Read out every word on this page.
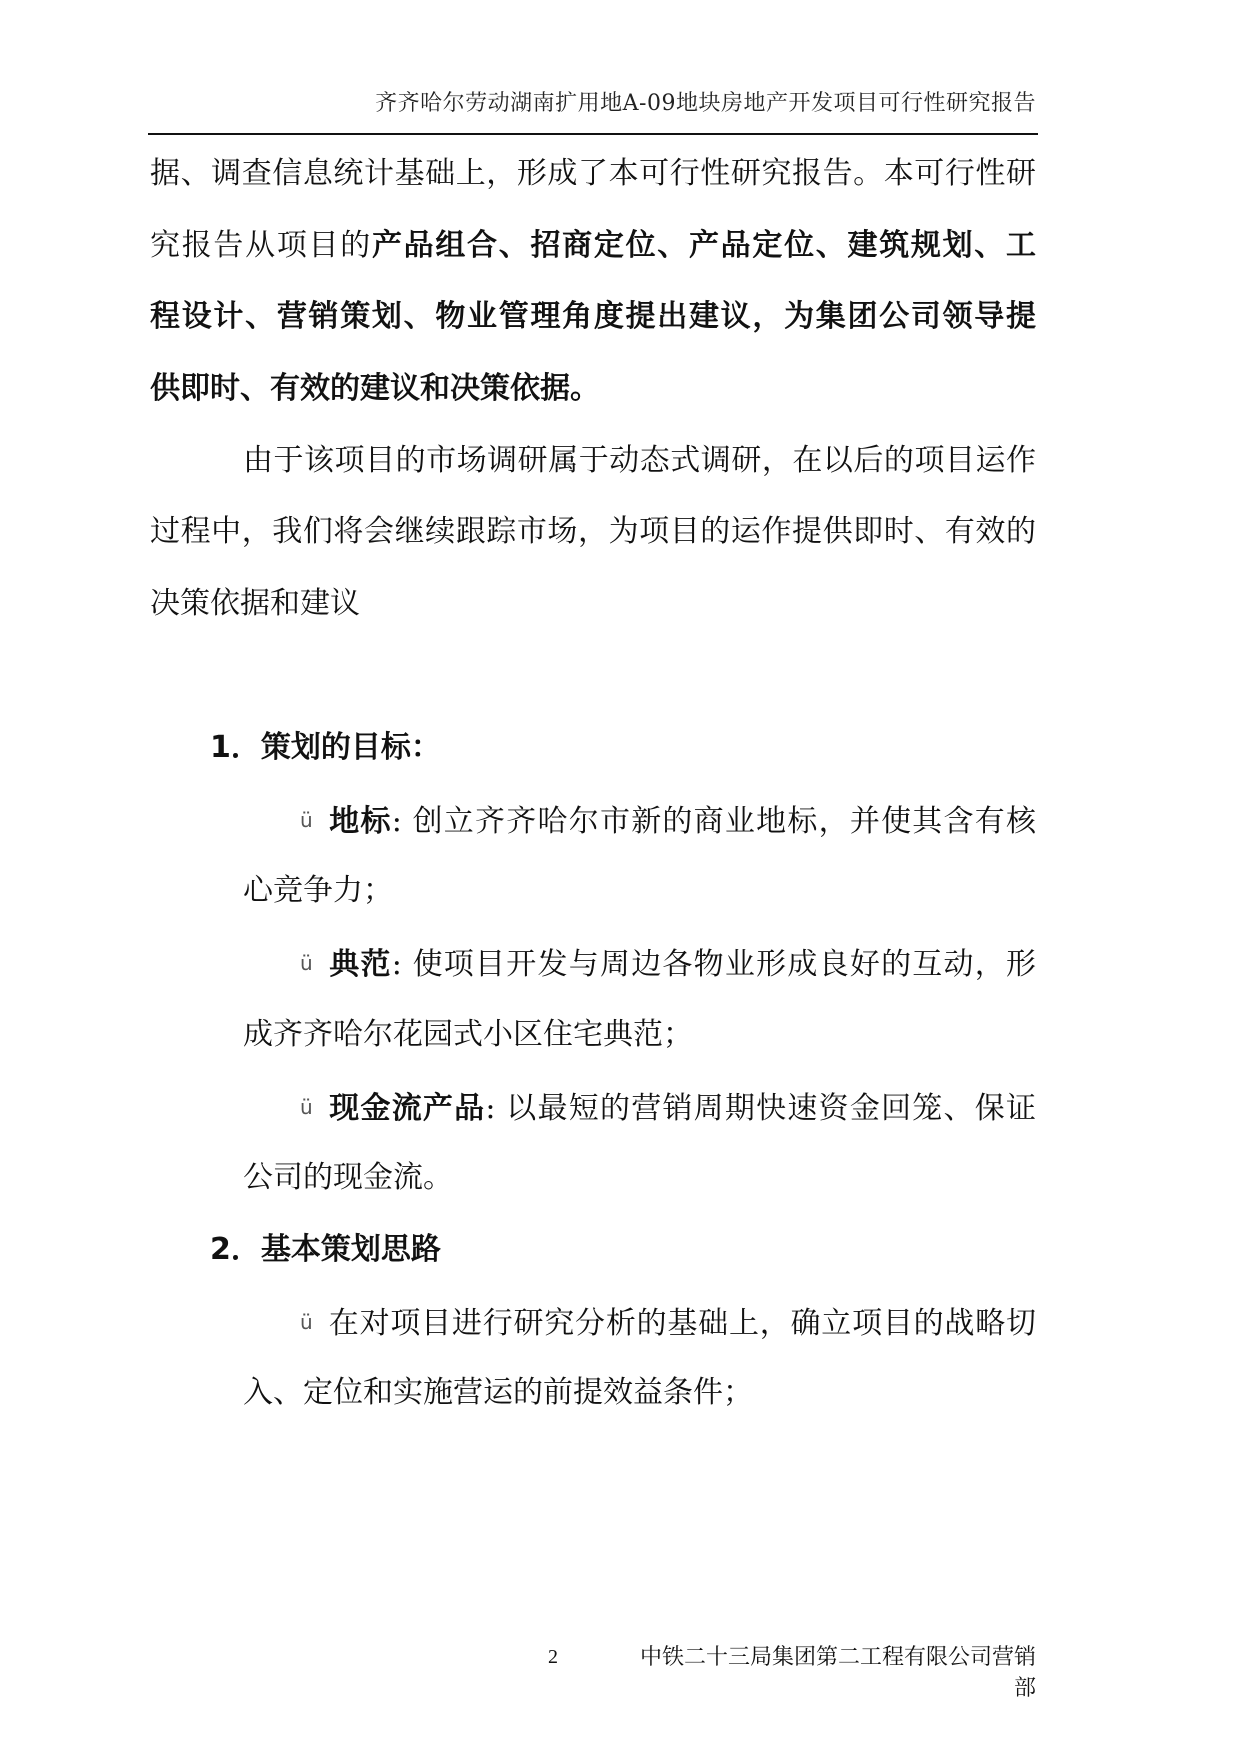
齐齐哈尔劳动湖南扩用地A-09地块房地产开发项目可行性研究报告
据、调查信息统计基础上，形成了本可行性研究报告。本可行性研
究报告从项目的产品组合、招商定位、产品定位、建筑规划、工
程设计、营销策划、物业管理角度提出建议，为集团公司领导提
供即时、有效的建议和决策依据。
由于该项目的市场调研属于动态式调研，在以后的项目运作
过程中，我们将会继续跟踪市场，为项目的运作提供即时、有效的
决策依据和建议
1．策划的目标：
ü 地标: 创立齐齐哈尔市新的商业地标，并使其含有核
心竞争力；
ü 典范: 使项目开发与周边各物业形成良好的互动，形
成齐齐哈尔花园式小区住宅典范；
ü 现金流产品: 以最短的营销周期快速资金回笼、保证
公司的现金流。
2．基本策划思路
ü 在对项目进行研究分析的基础上，确立项目的战略切
入、定位和实施营运的前提效益条件；
2	中铁二十三局集团第二工程有限公司营销部
